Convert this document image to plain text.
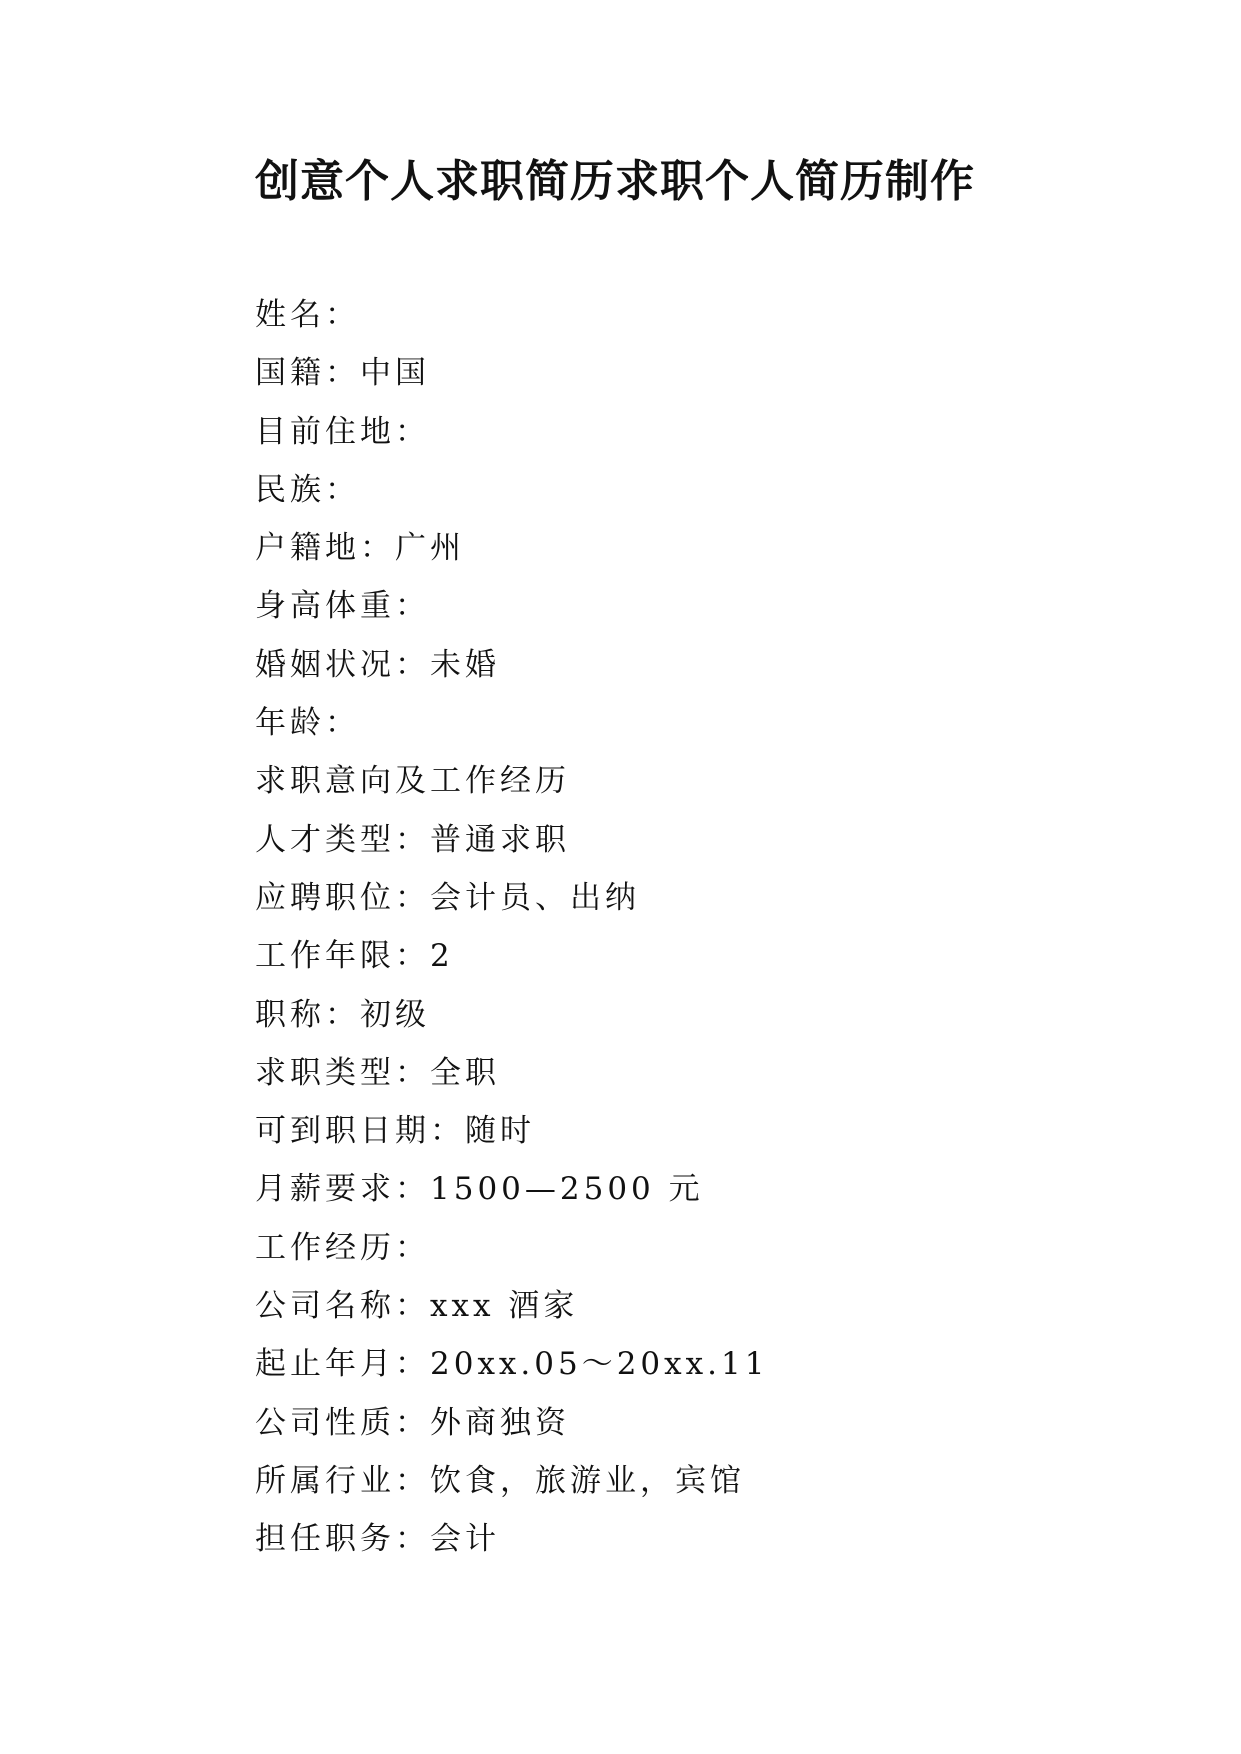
创意个人求职简历求职个人简历制作
姓名：
国籍：中国
目前住地：
民族：
户籍地：广州
身高体重：
婚姻状况：未婚
年龄：
求职意向及工作经历
人才类型：普通求职
应聘职位：会计员、出纳
工作年限：2
职称：初级
求职类型：全职
可到职日期：随时
月薪要求：1500—2500 元
工作经历：
公司名称：xxx 酒家
起止年月：20xx.05～20xx.11
公司性质：外商独资
所属行业：饮食，旅游业，宾馆
担任职务：会计
